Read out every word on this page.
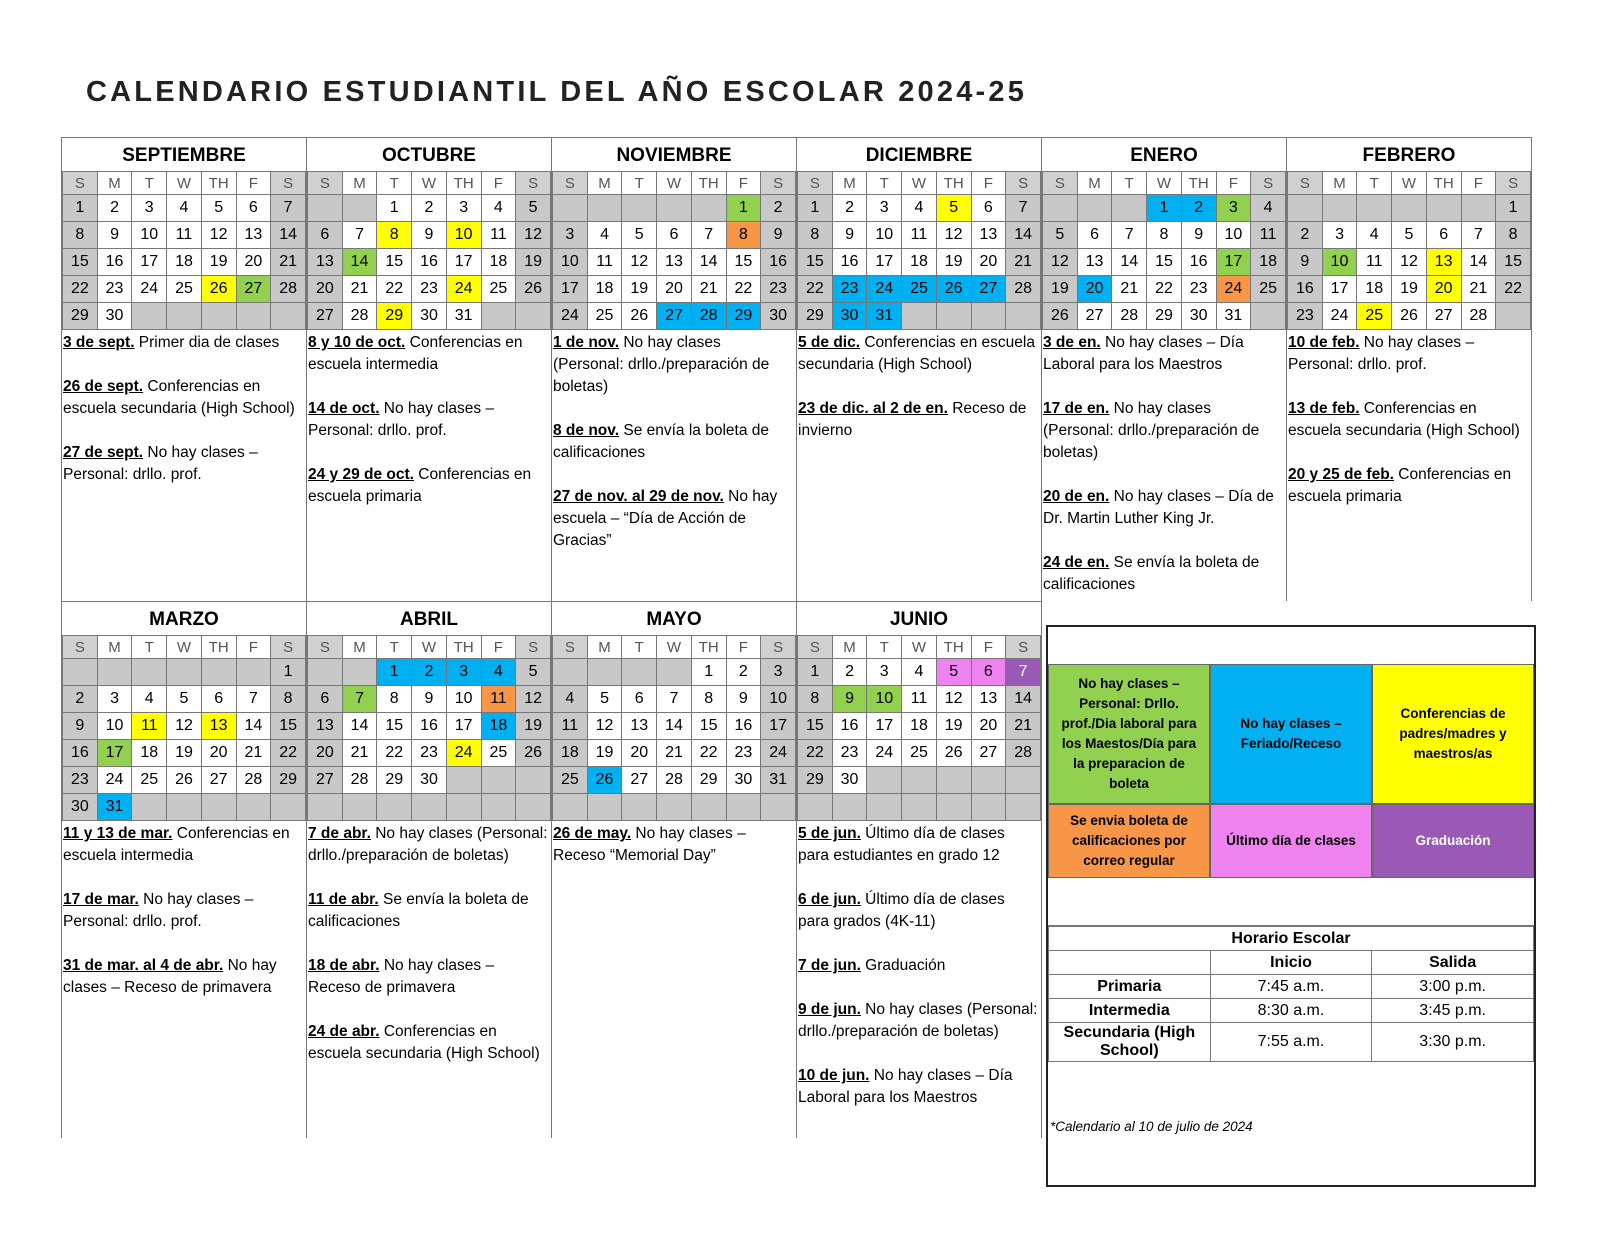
CALENDARIO ESTUDIANTIL DEL AÑO ESCOLAR 2024-25
SEPTIEMBRE
S	M	T	W	TH	F	S
1	2	3	4	5	6	7
8	9	10	11	12	13	14
15	16	17	18	19	20	21
22	23	24	25	26	27	28
29	30					
3 de sept. Primer dia de clases
26 de sept. Conferencias en escuela secundaria (High School)
27 de sept. No hay clases – Personal: drllo. prof.
OCTUBRE
S	M	T	W	TH	F	S
		1	2	3	4	5
6	7	8	9	10	11	12
13	14	15	16	17	18	19
20	21	22	23	24	25	26
27	28	29	30	31		
8 y 10 de oct. Conferencias en escuela intermedia
14 de oct. No hay clases – Personal: drllo. prof.
24 y 29 de oct. Conferencias en escuela primaria
NOVIEMBRE
S	M	T	W	TH	F	S
					1	2
3	4	5	6	7	8	9
10	11	12	13	14	15	16
17	18	19	20	21	22	23
24	25	26	27	28	29	30
1 de nov. No hay clases (Personal: drllo./preparación de boletas)
8 de nov. Se envía la boleta de calificaciones
27 de nov. al 29 de nov. No hay escuela – “Día de Acción de Gracias”
DICIEMBRE
S	M	T	W	TH	F	S
1	2	3	4	5	6	7
8	9	10	11	12	13	14
15	16	17	18	19	20	21
22	23	24	25	26	27	28
29	30	31				
5 de dic. Conferencias en escuela secundaria (High School)
23 de dic. al 2 de en. Receso de invierno
ENERO
S	M	T	W	TH	F	S
			1	2	3	4
5	6	7	8	9	10	11
12	13	14	15	16	17	18
19	20	21	22	23	24	25
26	27	28	29	30	31	
3 de en. No hay clases – Día Laboral para los Maestros
17 de en. No hay clases (Personal: drllo./preparación de boletas)
20 de en. No hay clases – Día de Dr. Martin Luther King Jr.
24 de en. Se envía la boleta de calificaciones
FEBRERO
S	M	T	W	TH	F	S
						1
2	3	4	5	6	7	8
9	10	11	12	13	14	15
16	17	18	19	20	21	22
23	24	25	26	27	28	
10 de feb. No hay clases – Personal: drllo. prof.
13 de feb. Conferencias en escuela secundaria (High School)
20 y 25 de feb. Conferencias en escuela primaria
MARZO
S	M	T	W	TH	F	S
						1
2	3	4	5	6	7	8
9	10	11	12	13	14	15
16	17	18	19	20	21	22
23	24	25	26	27	28	29
30	31					
11 y 13 de mar. Conferencias en escuela intermedia
17 de mar. No hay clases – Personal: drllo. prof.
31 de mar. al 4 de abr. No hay clases – Receso de primavera
ABRIL
S	M	T	W	TH	F	S
		1	2	3	4	5
6	7	8	9	10	11	12
13	14	15	16	17	18	19
20	21	22	23	24	25	26
27	28	29	30			

7 de abr. No hay clases (Personal: drllo./preparación de boletas)
11 de abr. Se envía la boleta de calificaciones
18 de abr. No hay clases – Receso de primavera
24 de abr. Conferencias en escuela secundaria (High School)
MAYO
S	M	T	W	TH	F	S
				1	2	3
4	5	6	7	8	9	10
11	12	13	14	15	16	17
18	19	20	21	22	23	24
25	26	27	28	29	30	31

26 de may. No hay clases – Receso “Memorial Day”
JUNIO
S	M	T	W	TH	F	S
1	2	3	4	5	6	7
8	9	10	11	12	13	14
15	16	17	18	19	20	21
22	23	24	25	26	27	28
29	30					

5 de jun. Último día de clases para estudiantes en grado 12
6 de jun. Último día de clases para grados (4K-11)
7 de jun. Graduación
9 de jun. No hay clases (Personal: drllo./preparación de boletas)
10 de jun. No hay clases – Día Laboral para los Maestros
No hay clases – Personal: Drllo. prof./Dia laboral para los Maestos/Día para la preparacion de boleta
No hay clases – Feriado/Receso
Conferencias de padres/madres y maestros/as
Se envia boleta de calificaciones por correo regular
Último día de clases	Graduación
Horario Escolar		
	Inicio	Salida
Primaria	7:45 a.m.	3:00 p.m.
Intermedia	8:30 a.m.	3:45 p.m.
Secundaria (High School)	7:55 a.m.	3:30 p.m.
*Calendario al 10 de julio de 2024
